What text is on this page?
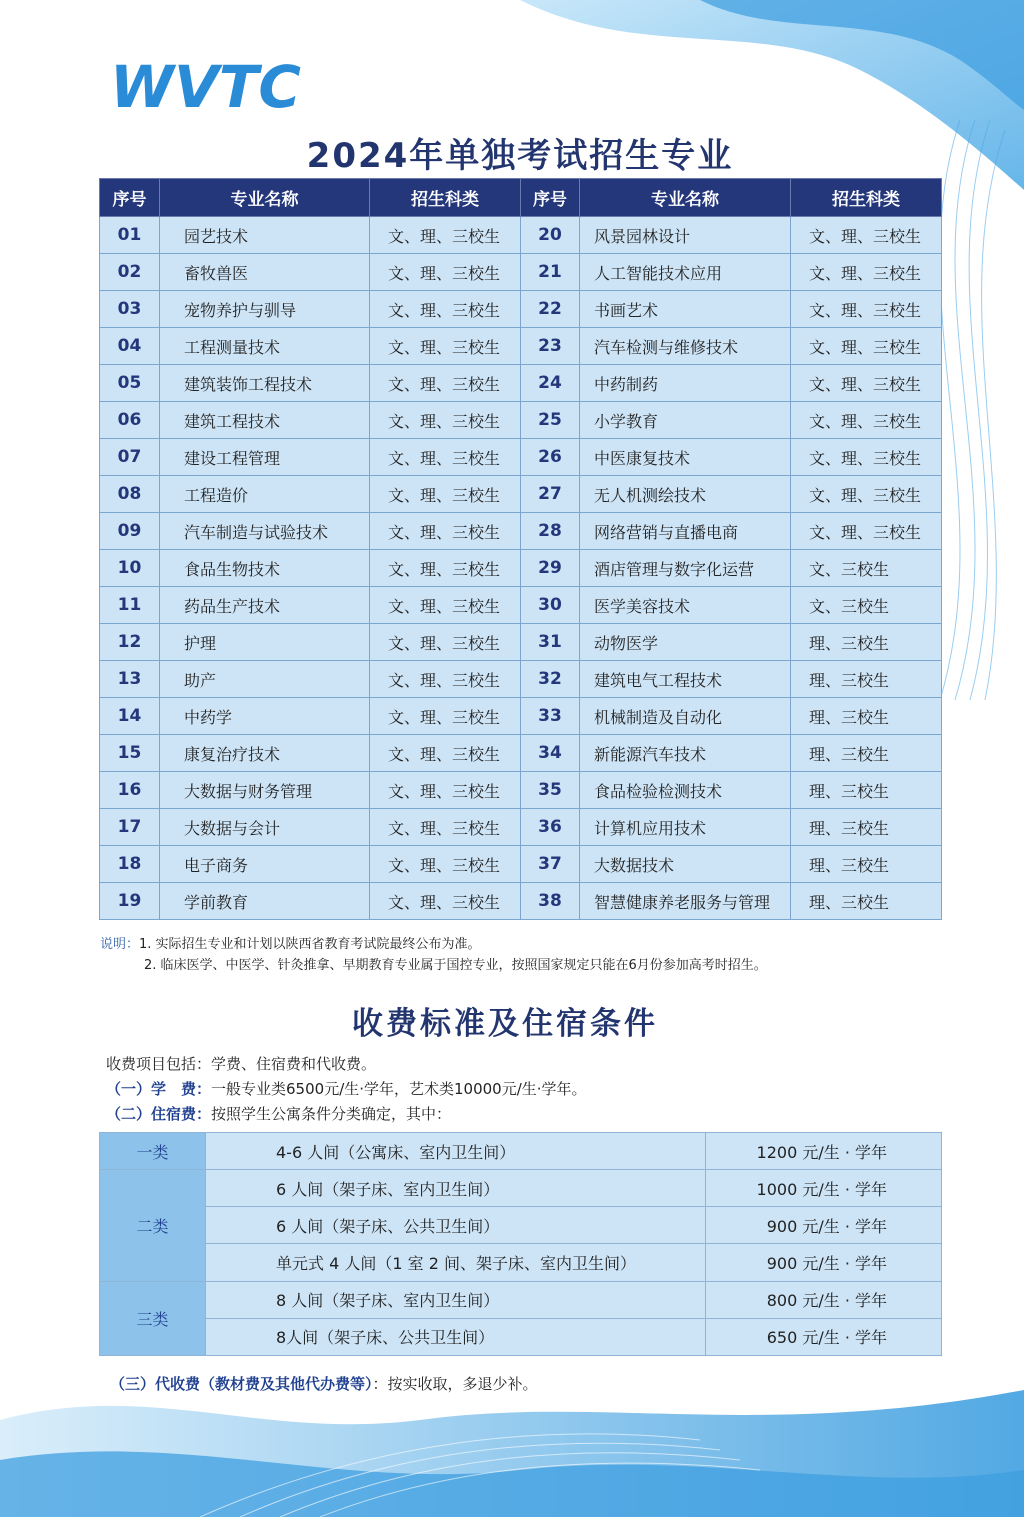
WVTC
2024年单独考试招生专业
序号	专业名称	招生科类	序号	专业名称	招生科类
01	园艺技术	文、理、三校生	20	风景园林设计	文、理、三校生
02	畜牧兽医	文、理、三校生	21	人工智能技术应用	文、理、三校生
03	宠物养护与驯导	文、理、三校生	22	书画艺术	文、理、三校生
04	工程测量技术	文、理、三校生	23	汽车检测与维修技术	文、理、三校生
05	建筑装饰工程技术	文、理、三校生	24	中药制药	文、理、三校生
06	建筑工程技术	文、理、三校生	25	小学教育	文、理、三校生
07	建设工程管理	文、理、三校生	26	中医康复技术	文、理、三校生
08	工程造价	文、理、三校生	27	无人机测绘技术	文、理、三校生
09	汽车制造与试验技术	文、理、三校生	28	网络营销与直播电商	文、理、三校生
10	食品生物技术	文、理、三校生	29	酒店管理与数字化运营	文、三校生
11	药品生产技术	文、理、三校生	30	医学美容技术	文、三校生
12	护理	文、理、三校生	31	动物医学	理、三校生
13	助产	文、理、三校生	32	建筑电气工程技术	理、三校生
14	中药学	文、理、三校生	33	机械制造及自动化	理、三校生
15	康复治疗技术	文、理、三校生	34	新能源汽车技术	理、三校生
16	大数据与财务管理	文、理、三校生	35	食品检验检测技术	理、三校生
17	大数据与会计	文、理、三校生	36	计算机应用技术	理、三校生
18	电子商务	文、理、三校生	37	大数据技术	理、三校生
19	学前教育	文、理、三校生	38	智慧健康养老服务与管理	理、三校生
说明：1. 实际招生专业和计划以陕西省教育考试院最终公布为准。
2. 临床医学、中医学、针灸推拿、早期教育专业属于国控专业，按照国家规定只能在6月份参加高考时招生。
收费标准及住宿条件
收费项目包括：学费、住宿费和代收费。
（一）学　费：一般专业类6500元/生·学年，艺术类10000元/生·学年。
（二）住宿费：按照学生公寓条件分类确定，其中：
一类	4-6 人间（公寓床、室内卫生间）	1200 元/生 · 学年
二类	6 人间（架子床、室内卫生间）	1000 元/生 · 学年
	6 人间（架子床、公共卫生间）	900 元/生 · 学年
	单元式 4 人间（1 室 2 间、架子床、室内卫生间）	900 元/生 · 学年
三类	8 人间（架子床、室内卫生间）	800 元/生 · 学年
	8人间（架子床、公共卫生间）	650 元/生 · 学年
（三）代收费（教材费及其他代办费等）：按实收取，多退少补。
